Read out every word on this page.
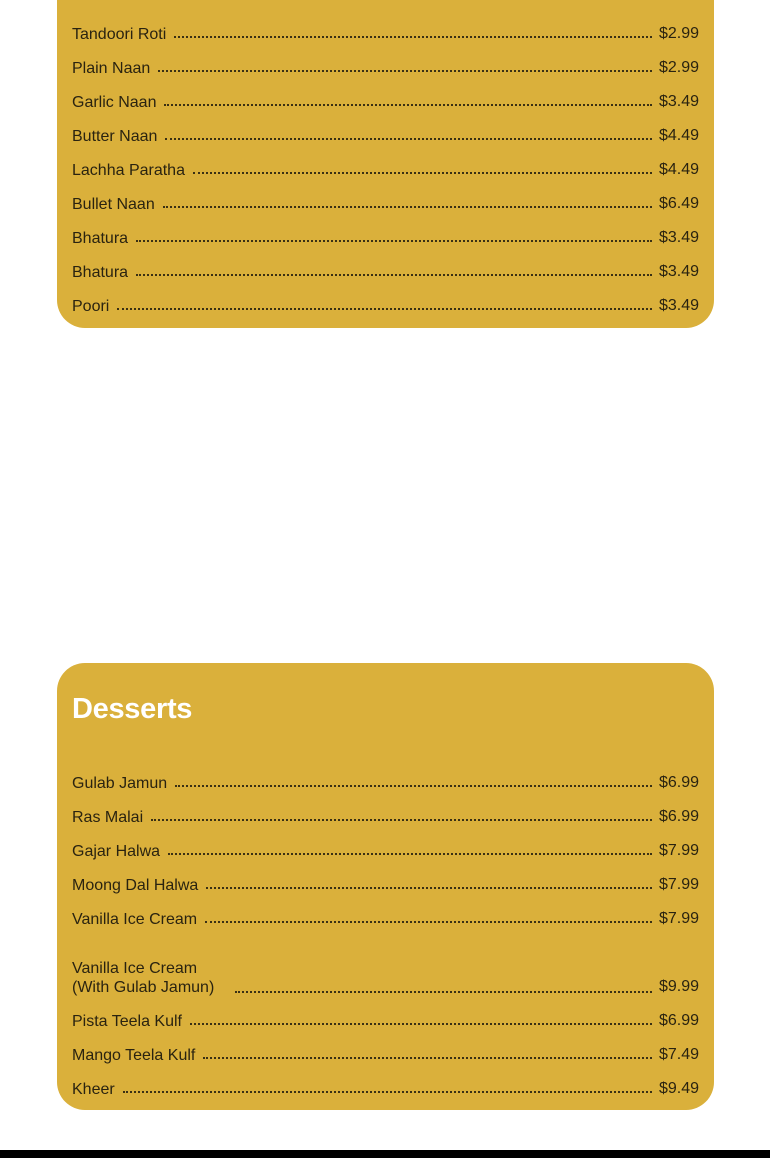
Tandoori Roti	$2.99
Plain Naan	$2.99
Garlic Naan	$3.49
Butter Naan	$4.49
Lachha Paratha	$4.49
Bullet Naan	$6.49
Bhatura	$3.49
Bhatura	$3.49
Poori	$3.49
Desserts
Gulab Jamun	$6.99
Ras Malai	$6.99
Gajar Halwa	$7.99
Moong Dal Halwa	$7.99
Vanilla Ice Cream	$7.99
Vanilla Ice Cream
(With Gulab Jamun)	$9.99
Pista Teela Kulf	$6.99
Mango Teela Kulf	$7.49
Kheer	$9.49
